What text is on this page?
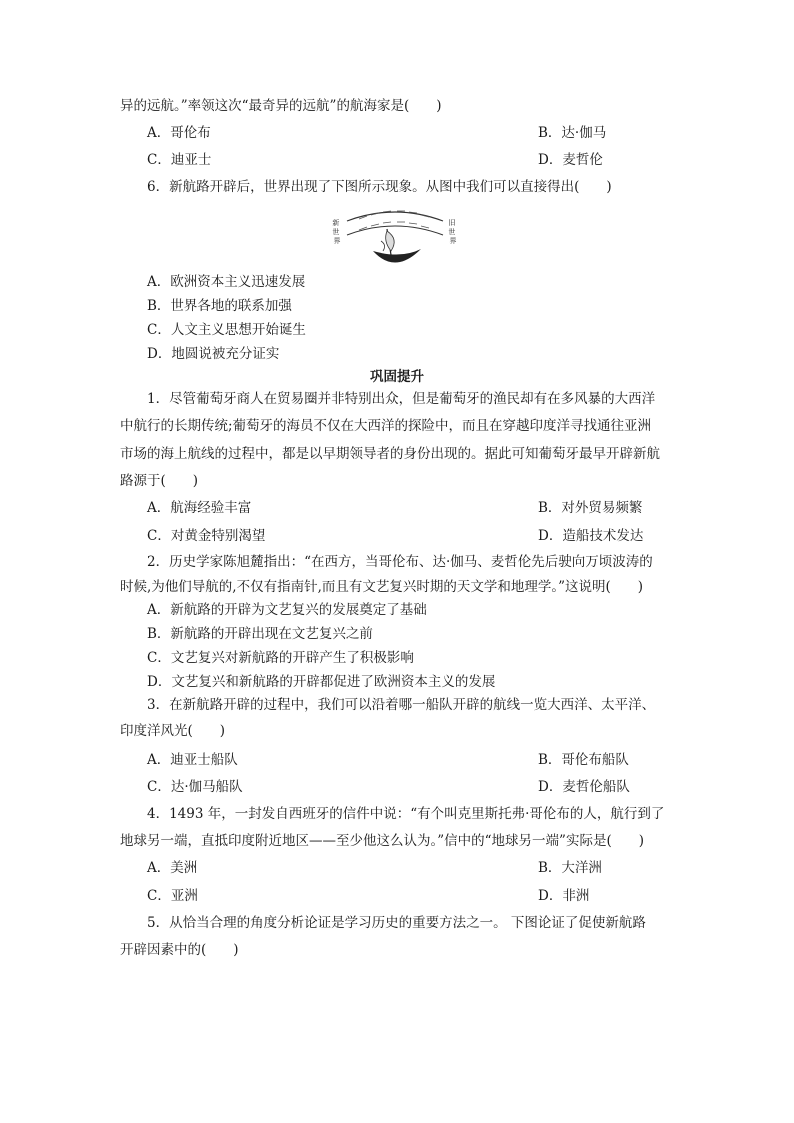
异的远航。”率领这次“最奇异的远航”的航海家是(　　)
A．哥伦布	B．达·伽马
C．迪亚士	D．麦哲伦
6．新航路开辟后，世界出现了下图所示现象。从图中我们可以直接得出(　　)
新 世 界
旧 世 界
A．欧洲资本主义迅速发展
B．世界各地的联系加强
C．人文主义思想开始诞生
D．地圆说被充分证实
巩固提升
1．尽管葡萄牙商人在贸易圈并非特别出众，但是葡萄牙的渔民却有在多风暴的大西洋
中航行的长期传统;葡萄牙的海员不仅在大西洋的探险中，而且在穿越印度洋寻找通往亚洲
市场的海上航线的过程中，都是以早期领导者的身份出现的。据此可知葡萄牙最早开辟新航
路源于(　　)
A．航海经验丰富	B．对外贸易频繁
C．对黄金特别渴望	D．造船技术发达
2．历史学家陈旭麓指出：“在西方，当哥伦布、达·伽马、麦哲伦先后驶向万顷波涛的
时候,为他们导航的,不仅有指南针,而且有文艺复兴时期的天文学和地理学。”这说明(　　)
A．新航路的开辟为文艺复兴的发展奠定了基础
B．新航路的开辟出现在文艺复兴之前
C．文艺复兴对新航路的开辟产生了积极影响
D．文艺复兴和新航路的开辟都促进了欧洲资本主义的发展
3．在新航路开辟的过程中，我们可以沿着哪一船队开辟的航线一览大西洋、太平洋、
印度洋风光(　　)
A．迪亚士船队	B．哥伦布船队
C．达·伽马船队	D．麦哲伦船队
4．1493 年，一封发自西班牙的信件中说：“有个叫克里斯托弗·哥伦布的人，航行到了
地球另一端，直抵印度附近地区——至少他这么认为。”信中的“地球另一端”实际是(　　)
A．美洲	B．大洋洲
C．亚洲	D．非洲
5．从恰当合理的角度分析论证是学习历史的重要方法之一。 下图论证了促使新航路
开辟因素中的(　　)
